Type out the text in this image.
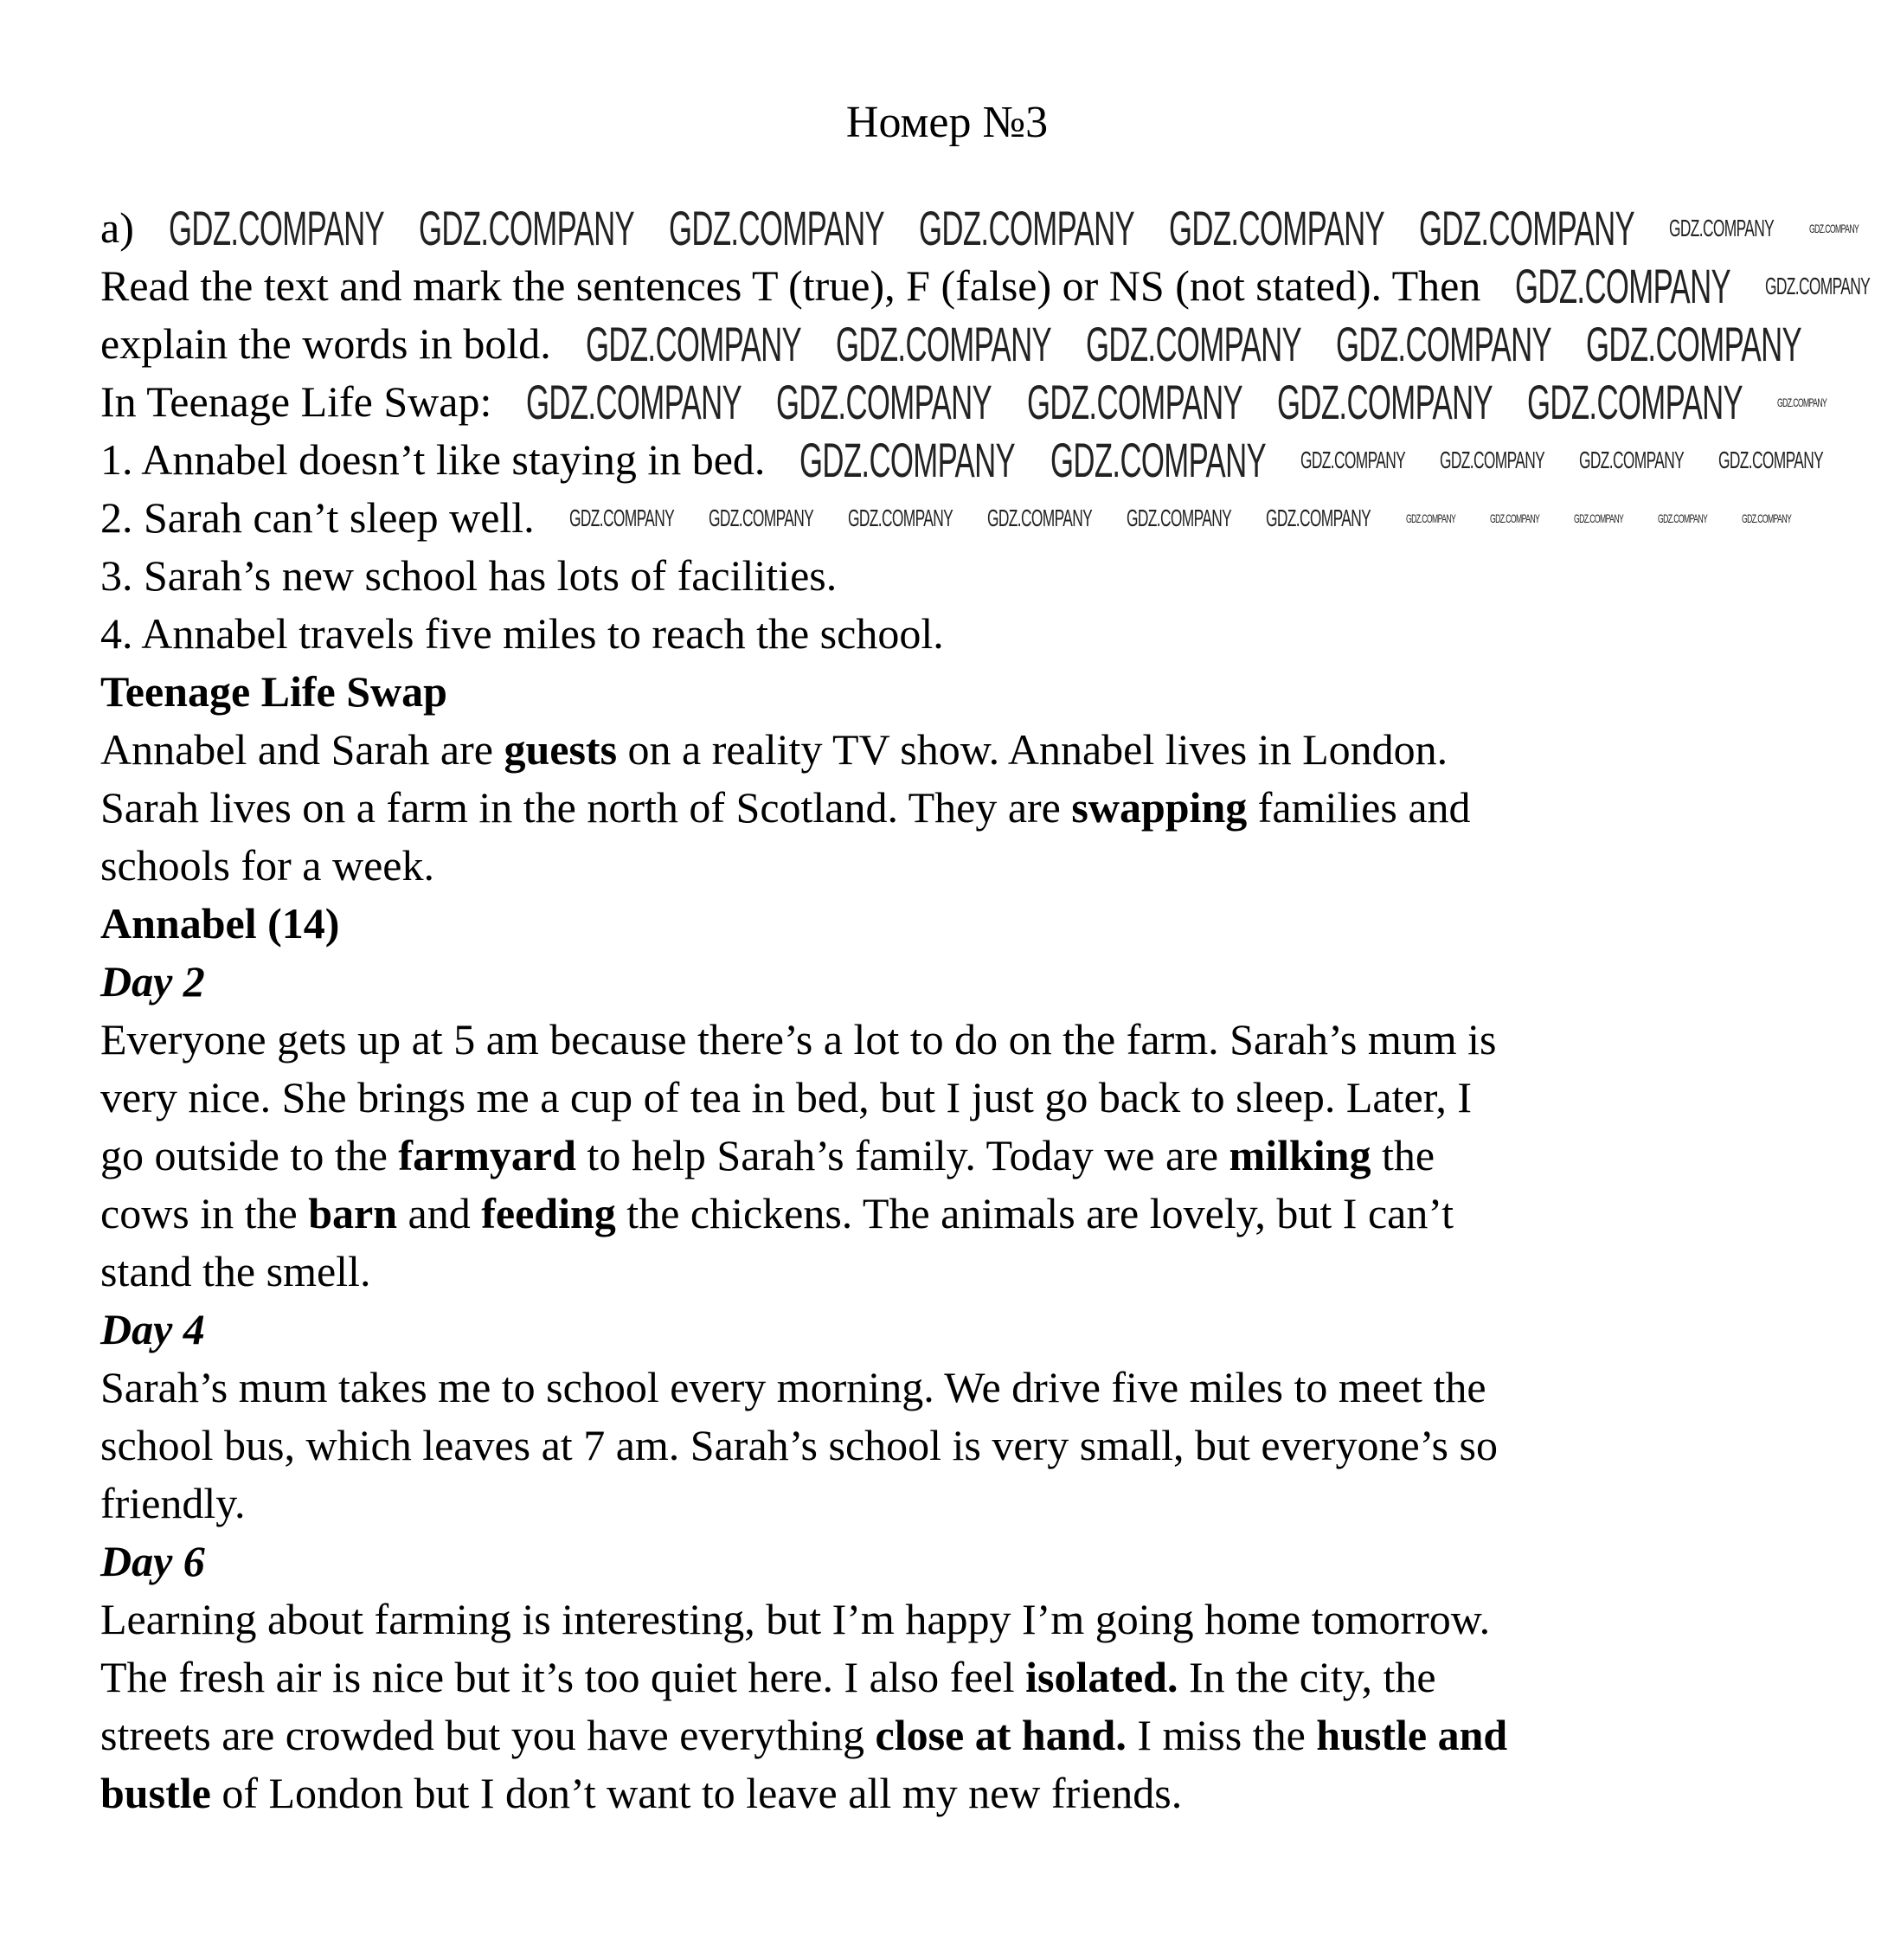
Номер №3
a)
Read the text and mark the sentences T (true), F (false) or NS (not stated). Then
explain the words in bold.
In Teenage Life Swap:
1. Annabel doesn’t like staying in bed.
2. Sarah can’t sleep well.
3. Sarah’s new school has lots of facilities.
4. Annabel travels five miles to reach the school.
Teenage Life Swap
Annabel and Sarah are guests on a reality TV show. Annabel lives in London.
Sarah lives on a farm in the north of Scotland. They are swapping families and
schools for a week.
Annabel (14)
Day 2
Everyone gets up at 5 am because there’s a lot to do on the farm. Sarah’s mum is
very nice. She brings me a cup of tea in bed, but I just go back to sleep. Later, I
go outside to the farmyard to help Sarah’s family. Today we are milking the
cows in the barn and feeding the chickens. The animals are lovely, but I can’t
stand the smell.
Day 4
Sarah’s mum takes me to school every morning. We drive five miles to meet the
school bus, which leaves at 7 am. Sarah’s school is very small, but everyone’s so
friendly.
Day 6
Learning about farming is interesting, but I’m happy I’m going home tomorrow.
The fresh air is nice but it’s too quiet here. I also feel isolated. In the city, the
streets are crowded but you have everything close at hand. I miss the hustle and
bustle of London but I don’t want to leave all my new friends.
GDZ.COMPANY GDZ.COMPANY GDZ.COMPANY GDZ.COMPANY GDZ.COMPANY GDZ.COMPANY
GDZ.COMPANY
GDZ.COMPANY GDZ.COMPANY GDZ.COMPANY GDZ.COMPANY GDZ.COMPANY
GDZ.COMPANY GDZ.COMPANY GDZ.COMPANY GDZ.COMPANY GDZ.COMPANY
GDZ.COMPANY GDZ.COMPANY
GDZ.COMPANY
GDZ.COMPANY
GDZ.COMPANY GDZ.COMPANY GDZ.COMPANY GDZ.COMPANY
GDZ.COMPANY GDZ.COMPANY GDZ.COMPANY GDZ.COMPANY GDZ.COMPANY GDZ.COMPANY
GDZ.COMPANY
GDZ.COMPANY
GDZ.COMPANY	GDZ.COMPANY	GDZ.COMPANY	GDZ.COMPANY	GDZ.COMPANY
